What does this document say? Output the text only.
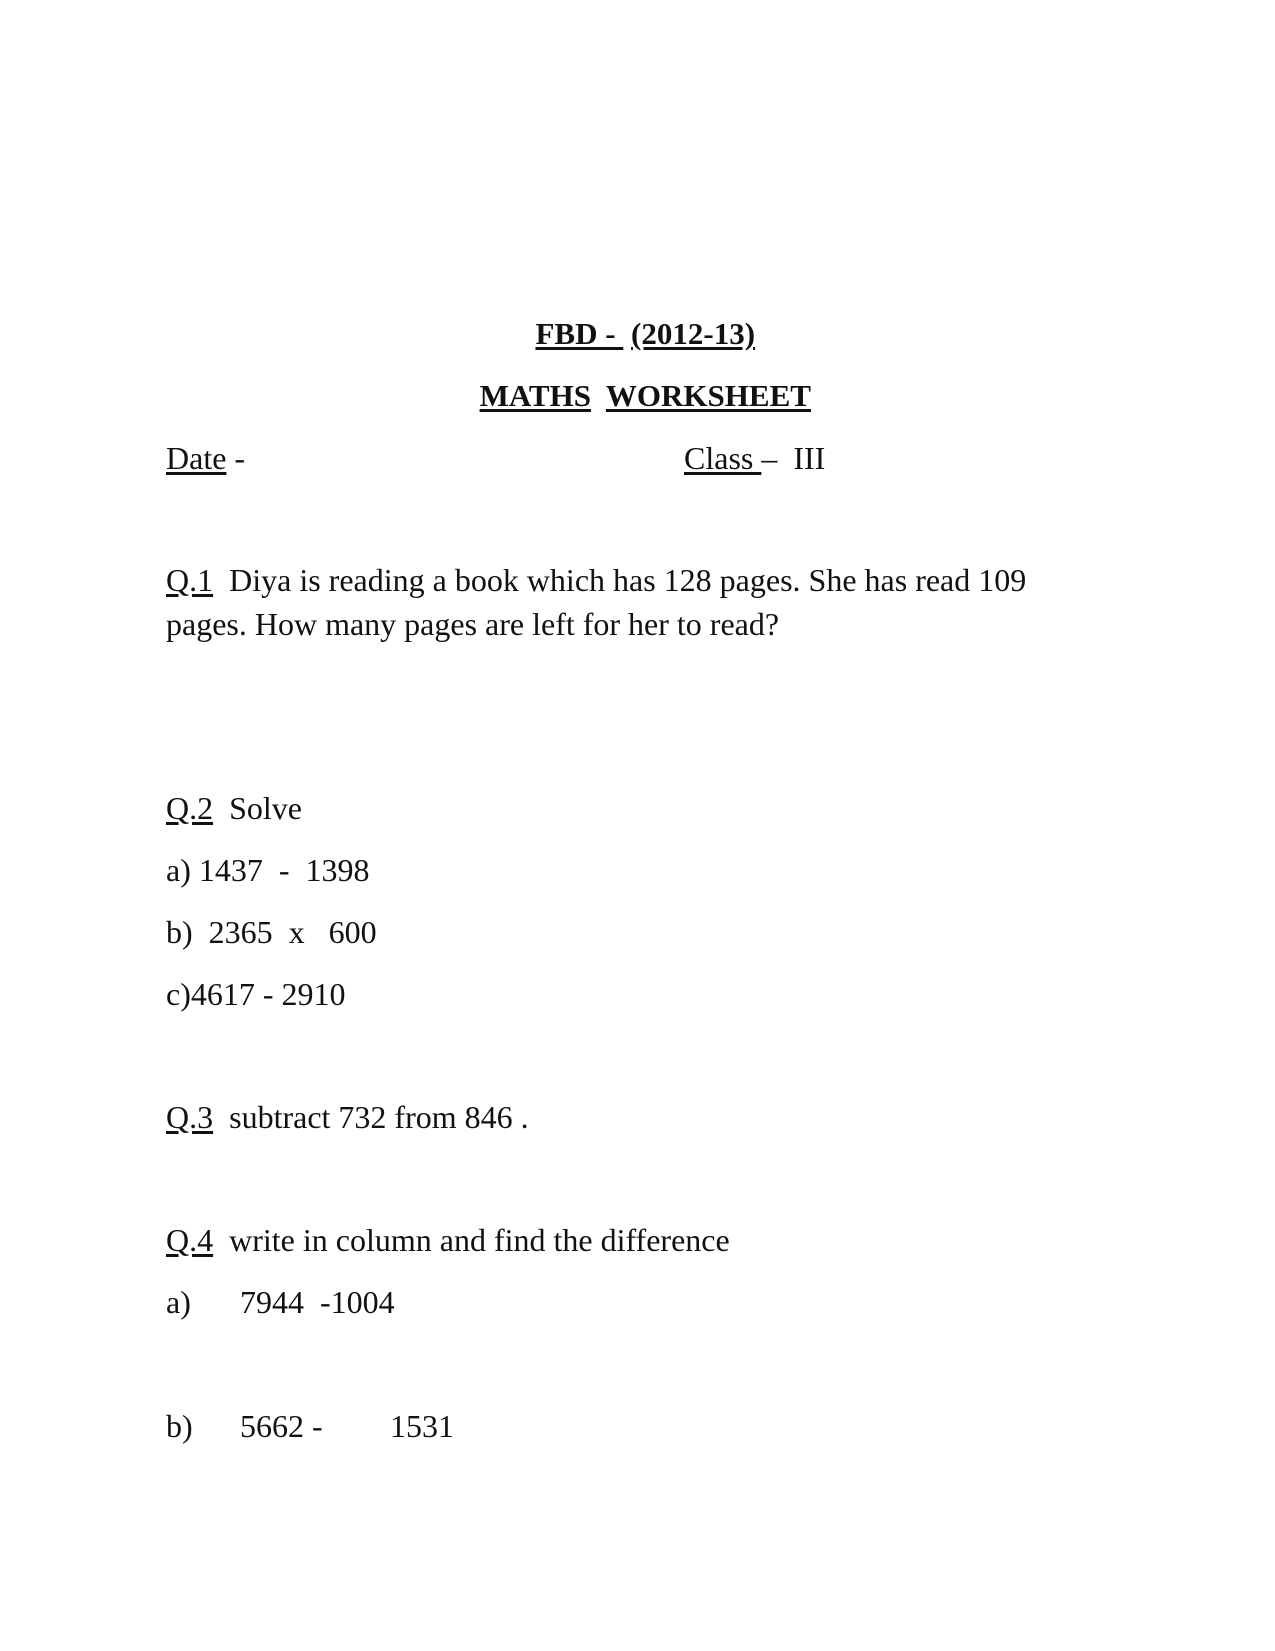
FBD -  (2012-13)

MATHS WORKSHEET

Date -	Class –  III

Q.1 Diya is reading a book which has 128 pages. She has read 109

pages. How many pages are left for her to read?

Q.2 Solve

a) 1437  -  1398

b) 2365  x   600

c)4617 - 2910

Q.3 subtract 732 from 846 .

Q.4 write in column and find the difference

a) 7944  -1004

b) 5662 - 1531
